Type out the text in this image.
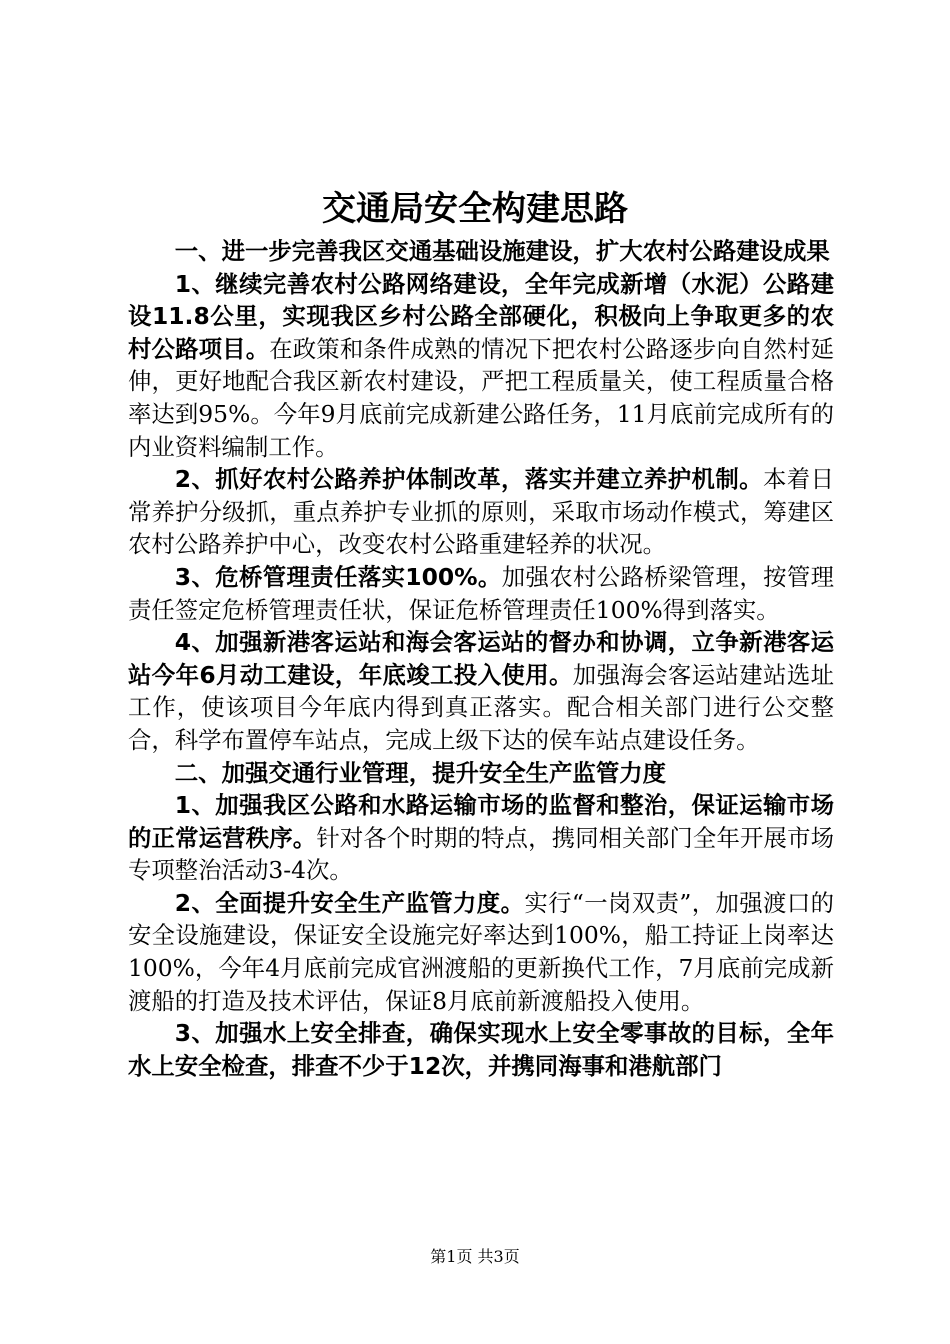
交通局安全构建思路

一、进一步完善我区交通基础设施建设，扩大农村公路建设成果

1、继续完善农村公路网络建设，全年完成新增（水泥）公路建设11.8公里，实现我区乡村公路全部硬化，积极向上争取更多的农村公路项目。在政策和条件成熟的情况下把农村公路逐步向自然村延伸，更好地配合我区新农村建设，严把工程质量关，使工程质量合格率达到95%。今年9月底前完成新建公路任务，11月底前完成所有的内业资料编制工作。

2、抓好农村公路养护体制改革，落实并建立养护机制。本着日常养护分级抓，重点养护专业抓的原则，采取市场动作模式，筹建区农村公路养护中心，改变农村公路重建轻养的状况。

3、危桥管理责任落实100%。加强农村公路桥梁管理，按管理责任签定危桥管理责任状，保证危桥管理责任100%得到落实。

4、加强新港客运站和海会客运站的督办和协调，立争新港客运站今年6月动工建设，年底竣工投入使用。加强海会客运站建站选址工作，使该项目今年底内得到真正落实。配合相关部门进行公交整合，科学布置停车站点，完成上级下达的侯车站点建设任务。

二、加强交通行业管理，提升安全生产监管力度

1、加强我区公路和水路运输市场的监督和整治，保证运输市场的正常运营秩序。针对各个时期的特点，携同相关部门全年开展市场专项整治活动3-4次。

2、全面提升安全生产监管力度。实行“一岗双责”，加强渡口的安全设施建设，保证安全设施完好率达到100%，船工持证上岗率达100%，今年4月底前完成官洲渡船的更新换代工作，7月底前完成新渡船的打造及技术评估，保证8月底前新渡船投入使用。

3、加强水上安全排查，确保实现水上安全零事故的目标，全年水上安全检查，排查不少于12次，并携同海事和港航部门

第1页 共3页
